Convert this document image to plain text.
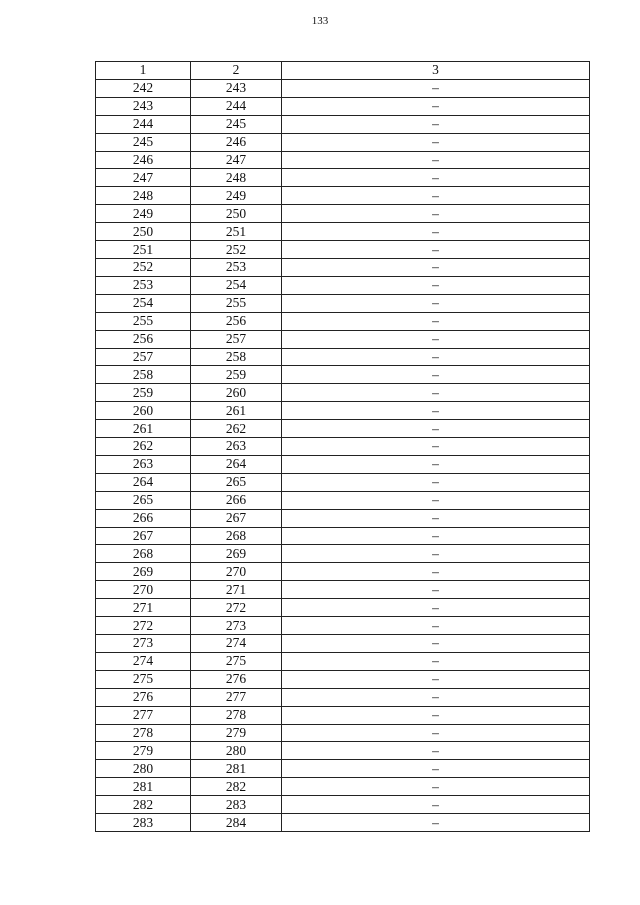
133
1	2	3
242	243	–
243	244	–
244	245	–
245	246	–
246	247	–
247	248	–
248	249	–
249	250	–
250	251	–
251	252	–
252	253	–
253	254	–
254	255	–
255	256	–
256	257	–
257	258	–
258	259	–
259	260	–
260	261	–
261	262	–
262	263	–
263	264	–
264	265	–
265	266	–
266	267	–
267	268	–
268	269	–
269	270	–
270	271	–
271	272	–
272	273	–
273	274	–
274	275	–
275	276	–
276	277	–
277	278	–
278	279	–
279	280	–
280	281	–
281	282	–
282	283	–
283	284	–
